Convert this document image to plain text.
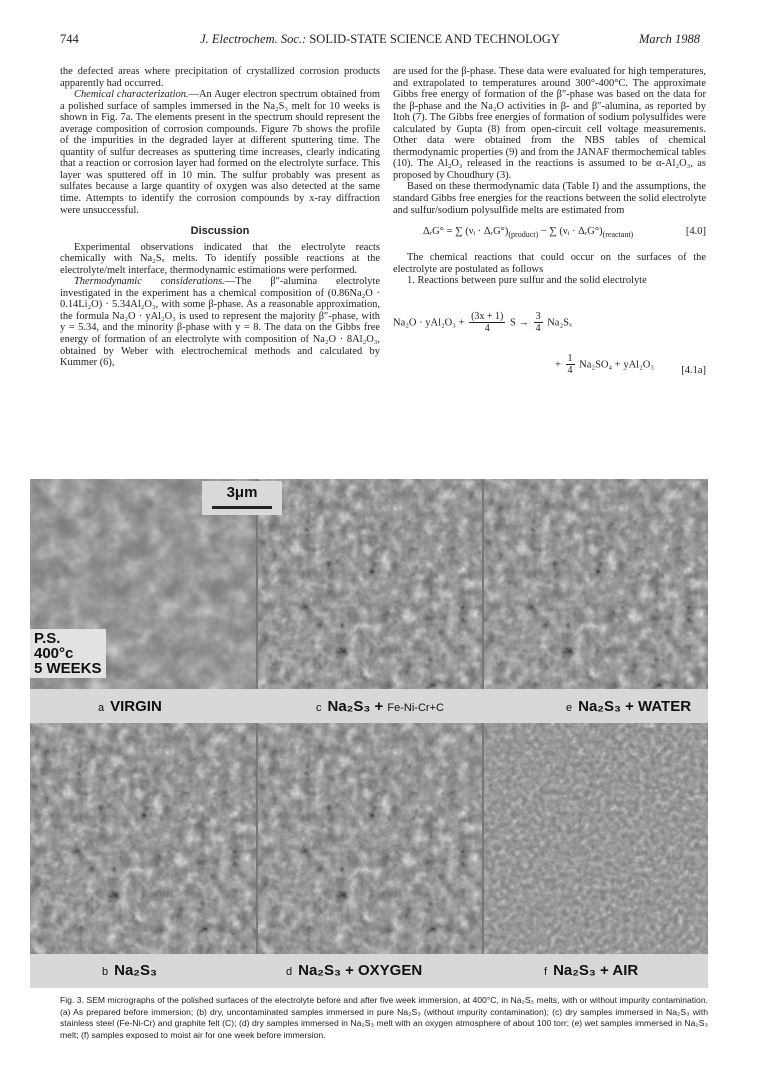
744	J. Electrochem. Soc.: SOLID-STATE SCIENCE AND TECHNOLOGY	March 1988

the defected areas where precipitation of crystallized corrosion products apparently had occurred.

Chemical characterization.—An Auger electron spectrum obtained from a polished surface of samples immersed in the Na₂S₃ melt for 10 weeks is shown in Fig. 7a. The elements present in the spectrum should represent the average composition of corrosion compounds. Figure 7b shows the profile of the impurities in the degraded layer at different sputtering time. The quantity of sulfur decreases as sputtering time increases, clearly indicating that a reaction or corrosion layer had formed on the electrolyte surface. This layer was sputtered off in 10 min. The sulfur probably was present as sulfates because a large quantity of oxygen was also detected at the same time. Attempts to identify the corrosion compounds by x-ray diffraction were unsuccessful.

Discussion

Experimental observations indicated that the electrolyte reacts chemically with Na₂Sₓ melts. To identify possible reactions at the electrolyte/melt interface, thermodynamic estimations were performed.

Thermodynamic considerations.—The β″-alumina electrolyte investigated in the experiment has a chemical composition of (0.86Na₂O · 0.14Li₂O) · 5.34Al₂O₃, with some β-phase. As a reasonable approximation, the formula Na₂O · yAl₂O₃ is used to represent the majority β″-phase, with y = 5.34, and the minority β-phase with y = 8. The data on the Gibbs free energy of formation of an electrolyte with composition of Na₂O · 8Al₂O₃, obtained by Weber with electrochemical methods and calculated by Kummer (6),

are used for the β-phase. These data were evaluated for high temperatures, and extrapolated to temperatures around 300°-400°C. The approximate Gibbs free energy of formation of the β″-phase was based on the data for the β-phase and the Na₂O activities in β- and β″-alumina, as reported by Itoh (7). The Gibbs free energies of formation of sodium polysulfides were calculated by Gupta (8) from open-circuit cell voltage measurements. Other data were obtained from the NBS tables of chemical thermodynamic properties (9) and from the JANAF thermochemical tables (10). The Al₂O₃ released in the reactions is assumed to be α-Al₂O₃, as proposed by Choudhury (3).

Based on these thermodynamic data (Table I) and the assumptions, the standard Gibbs free energies for the reactions between the solid electrolyte and sulfur/sodium polysulfide melts are estimated from

ΔᵣG° = ∑ (νᵢ · $\Delta ᵣG^\circ)_{(product)}$ − ∑ (νᵢ · $\Delta ᵣG^\circ)_{(reactant)}$	[4.0]

The chemical reactions that could occur on the surfaces of the electrolyte are postulated as follows

1. Reactions between pure sulfur and the solid electrolyte

$Na_2O \cdot yAl_2O_3 + \frac{(3x + 1)}{4}$ $S \to \frac{3}{4} Na_2S_x$
+ $\frac{1}{4} Na_2SO_4 + yAl_2O_3$
[4.1a]
3μm
P.S.
400°c
5 WEEKS
a VIRGIN	c Na₂S₃ + Fe-Ni-Cr+C	e Na₂S₃ + WATER
b Na₂S₃	d Na₂S₃ + OXYGEN	f Na₂S₃ + AIR
Fig. 3. SEM micrographs of the polished surfaces of the electrolyte before and after five week immersion, at 400°C, in Na₂S₃ melts, with or without impurity contamination. (a) As prepared before immersion; (b) dry, uncontaminated samples immersed in pure Na₂S₃ (without impurity contamination); (c) dry samples immersed in Na₂S₃ with stainless steel (Fe-Ni-Cr) and graphite felt (C); (d) dry samples immersed in Na₂S₃ melt with an oxygen atmosphere of about 100 torr; (e) wet samples immersed in Na₂S₃ melt; (f) samples exposed to moist air for one week before immersion.
